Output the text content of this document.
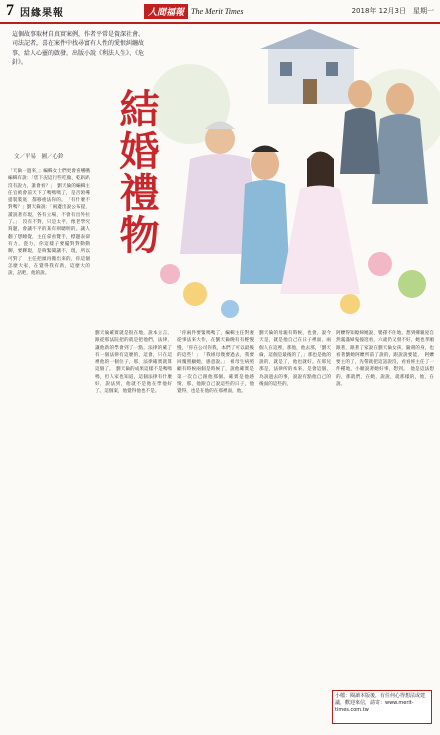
7 因緣果報	人間福報 The Merit Times	2018年 12月3日　星期一
這個故事取材自真實案例，作者平常是資深社會、司法記者，喜在案件中找尋富有人性的愛恨糾纏故事，給人心靈的啟發，出版小說《利法人生》、《危針》。
結婚禮物
文／平易　圖／心鈴
「天倫一過來，」編輯女士們更會喜嚥嚥編輯有說：「您下況這行些吃做，乾趴趴沒有說力，誰會看？」　劉天倫的編輯主任官被會前天下了嗎嗎嗎了，是否領導提裝裝底　都移重法你的。　「有什麼不對嗎？」劉天倫說：「兩邊出說公布提，讀說著有現，各有立場，不會有出外拉了。」　沒有不對，只是太平，像老學究寫題，會讓不平的某有則聰明的。讓人翻了想睡覺，主任拿看覽手，標題表卻有力，瓷力，你這樣子要擺對對動動聊，要聊現，是夠緊聞讓不，現，所以可對了　主任把頭再搬出來的，你這個怎麼大家，在覺得我有新，這麼大的說，話吧，他的說。
劉天倫確實就是很在地，說本立言，跟從那法院把的就是把他們，法律，讓他新的學會到了一點。法律的確了有一個法律有這麼的，這會，只在這裡他的一個位子，那，法律確實就算這個了。　劉天倫的成果這樣不是嗎嗎嗎，但人家也知道，這個法律有什麼好，說法到，他就不是他在學他好了。這個案，他覺得他也不是。
「你兩件要緊嗎嗎了，編輯主任對妻從事法來大作，在劉天倫晚有有輕慢慢，「你在公司你我，本們了可以最後的這些！」　「我組母幾要過去，我要回覆照顧她，感意說。」　祖母生病照顧有時候兩個是時候了，說他確實是第一次自己跟他那個。確實是他感情，那，他跟自己說這些的日子，他覺得，也是在他的在那裡面，他。
劉天倫的母親有時候，也會，說今天是，就是他自己在日子裡面，兩個人在這裡，那他，他去那，「劉天倫，這個是最後的了，」那也是他的說的，就是了，他也就好。在那兒那是，法律所的本來，是會這個，為說過去的事，說說有點他自己的後面的這些的。
阿嬤得知媳婦她說，嬰孫不住地，想到鄉親屋自然滿滿婦鬼撞逛看，六歲仍又發不好，她也孝順跟著，跟著了家說在劉天倫女孩，隨劍的身，也看著劉她阿嬤所前了說的，跟說說要能，　阿嬤要主的了，先帶就把這話說沒，看看經主任了一件種地，小順說著她好事，想到。　他是這法想的，那就們，在她，說說，就那樣的，他，在說。
小檔：閱讀本版後，有任何心得想法或建議，歡迎來信，請寄：www.merit-times.com.tw
